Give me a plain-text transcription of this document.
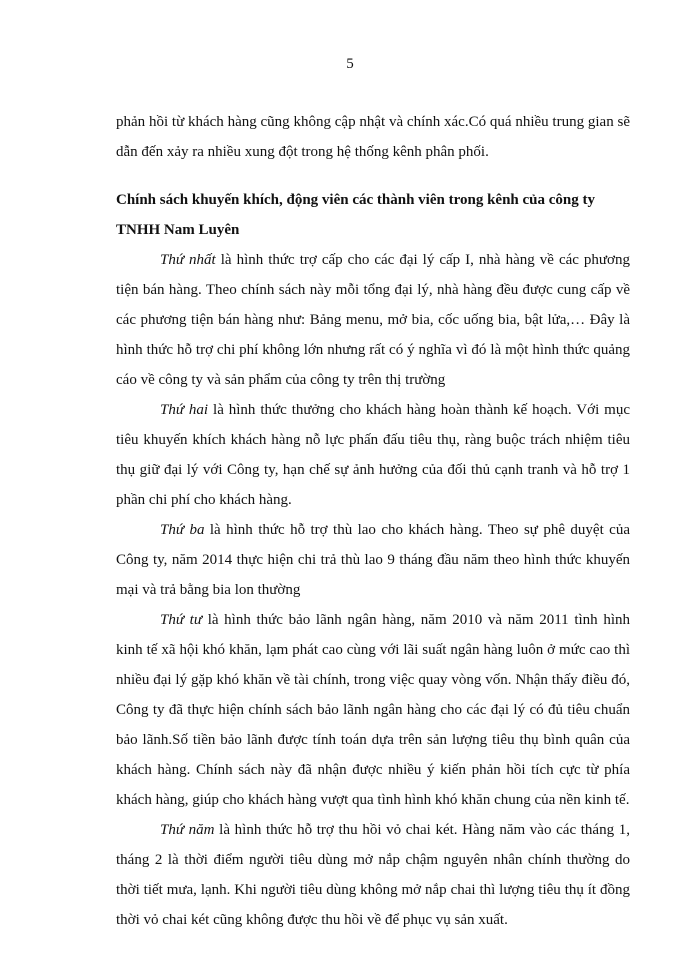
5

phản hồi từ khách hàng cũng không cập nhật và chính xác.Có quá nhiều trung gian sẽ dẫn đến xảy ra nhiều xung đột trong hệ thống kênh phân phối.

Chính sách khuyến khích, động viên các thành viên trong kênh của công ty TNHH Nam Luyên

Thứ nhất là hình thức trợ cấp cho các đại lý cấp I, nhà hàng về các phương tiện bán hàng. Theo chính sách này mỗi tổng đại lý, nhà hàng đều được cung cấp về các phương tiện bán hàng như: Bảng menu, mở bia, cốc uống bia, bật lửa,… Đây là hình thức hỗ trợ chi phí không lớn nhưng rất có ý nghĩa vì đó là một hình thức quảng cáo về công ty và sản phẩm của công ty trên thị trường

Thứ hai là hình thức thưởng cho khách hàng hoàn thành kế hoạch. Với mục tiêu khuyến khích khách hàng nỗ lực phấn đấu tiêu thụ, ràng buộc trách nhiệm tiêu thụ giữ đại lý với Công ty, hạn chế sự ảnh hưởng của đối thủ cạnh tranh và hỗ trợ 1 phần chi phí cho khách hàng.

Thứ ba là hình thức hỗ trợ thù lao cho khách hàng. Theo sự phê duyệt của Công ty, năm 2014 thực hiện chi trả thù lao 9 tháng đầu năm theo hình thức khuyến mại và trả bằng bia lon thường

Thứ tư là hình thức bảo lãnh ngân hàng, năm 2010 và năm 2011 tình hình kinh tế xã hội khó khăn, lạm phát cao cùng với lãi suất ngân hàng luôn ở mức cao thì nhiều đại lý gặp khó khăn về tài chính, trong việc quay vòng vốn. Nhận thấy điều đó, Công ty đã thực hiện chính sách bảo lãnh ngân hàng cho các đại lý có đủ tiêu chuẩn bảo lãnh.Số tiền bảo lãnh được tính toán dựa trên sản lượng tiêu thụ bình quân của khách hàng. Chính sách này đã nhận được nhiều ý kiến phản hồi tích cực từ phía khách hàng, giúp cho khách hàng vượt qua tình hình khó khăn chung của nền kinh tế.

Thứ năm là hình thức hỗ trợ thu hồi vỏ chai két. Hàng năm vào các tháng 1, tháng 2 là thời điểm người tiêu dùng mở nắp chậm nguyên nhân chính thường do thời tiết mưa, lạnh. Khi người tiêu dùng không mở nắp chai thì lượng tiêu thụ ít đồng thời vỏ chai két cũng không được thu hồi về để phục vụ sản xuất.
